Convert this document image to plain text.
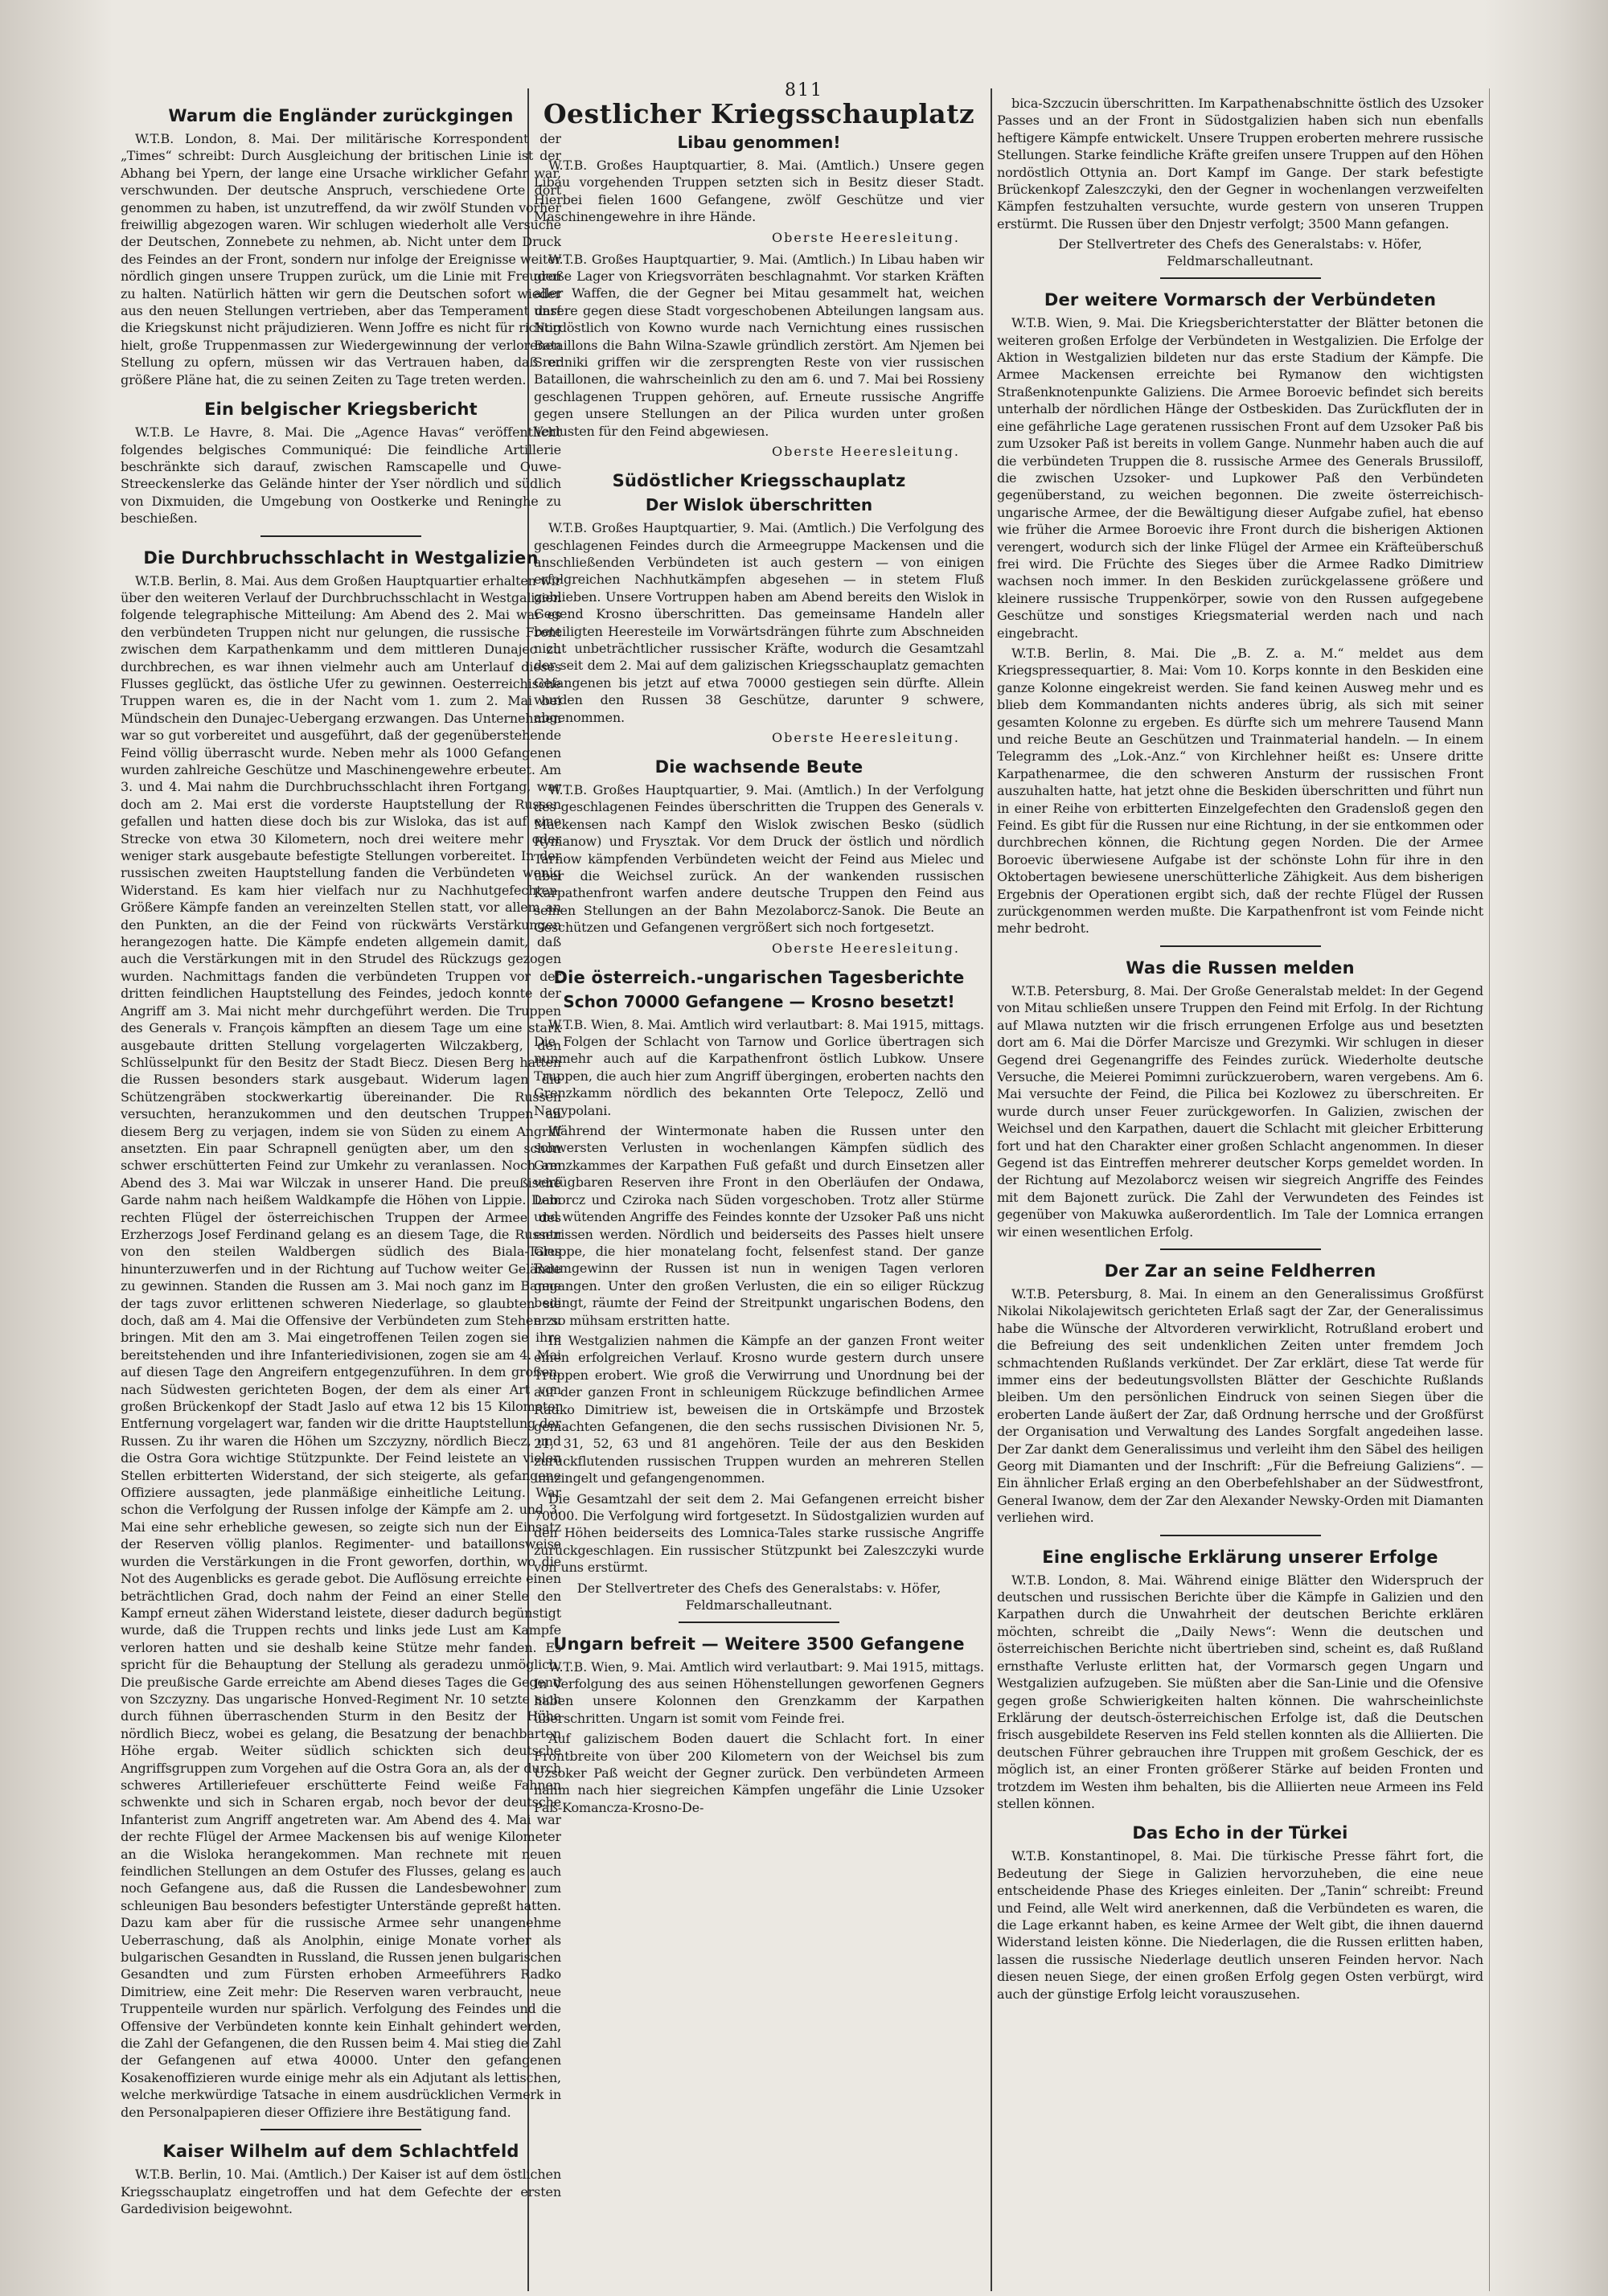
811
Warum die Engländer zurückgingen

W.T.B. London, 8. Mai. Der militärische Korrespondent der „Times“ schreibt: Durch Ausgleichung der britischen Linie ist der Abhang bei Ypern, der lange eine Ursache wirklicher Gefahr war, verschwunden. Der deutsche Anspruch, verschiedene Orte dort genommen zu haben, ist unzutreffend, da wir zwölf Stunden vorher freiwillig abgezogen waren. Wir schlugen wiederholt alle Versuche der Deutschen, Zonnebete zu nehmen, ab. Nicht unter dem Druck des Feindes an der Front, sondern nur infolge der Ereignisse weiter nördlich gingen unsere Truppen zurück, um die Linie mit Freuden zu halten. Natürlich hätten wir gern die Deutschen sofort wieder aus den neuen Stellungen vertrieben, aber das Temperament darf die Kriegskunst nicht präjudizieren. Wenn Joffre es nicht für richtig hielt, große Truppenmassen zur Wiedergewinnung der verlorenen Stellung zu opfern, müssen wir das Vertrauen haben, daß er größere Pläne hat, die zu seinen Zeiten zu Tage treten werden.

Ein belgischer Kriegsbericht

W.T.B. Le Havre, 8. Mai. Die „Agence Havas“ veröffentlicht folgendes belgisches Communiqué: Die feindliche Artillerie beschränkte sich darauf, zwischen Ramscapelle und Ouwe-Streeckenslerke das Gelände hinter der Yser nördlich und südlich von Dixmuiden, die Umgebung von Oostkerke und Reninghe zu beschießen.

Die Durchbruchsschlacht in Westgalizien

W.T.B. Berlin, 8. Mai. Aus dem Großen Hauptquartier erhalten wir über den weiteren Verlauf der Durchbruchsschlacht in Westgalizien folgende telegraphische Mitteilung: Am Abend des 2. Mai war es den verbündeten Truppen nicht nur gelungen, die russische Front zwischen dem Karpathenkamm und dem mittleren Dunajec zu durchbrechen, es war ihnen vielmehr auch am Unterlauf dieses Flusses geglückt, das östliche Ufer zu gewinnen. Oesterreichische Truppen waren es, die in der Nacht vom 1. zum 2. Mai bei Mündschein den Dunajec-Uebergang erzwangen. Das Unternehmen war so gut vorbereitet und ausgeführt, daß der gegenüberstehende Feind völlig überrascht wurde. Neben mehr als 1000 Gefangenen wurden zahlreiche Geschütze und Maschinengewehre erbeutet. Am 3. und 4. Mai nahm die Durchbruchsschlacht ihren Fortgang, war doch am 2. Mai erst die vorderste Hauptstellung der Russen gefallen und hatten diese doch bis zur Wisloka, das ist auf eine Strecke von etwa 30 Kilometern, noch drei weitere mehr oder weniger stark ausgebaute befestigte Stellungen vorbereitet. In der russischen zweiten Hauptstellung fanden die Verbündeten wenig Widerstand. Es kam hier vielfach nur zu Nachhutgefechten. Größere Kämpfe fanden an vereinzelten Stellen statt, vor allem an den Punkten, an die der Feind von rückwärts Verstärkungen herangezogen hatte. Die Kämpfe endeten allgemein damit, daß auch die Verstärkungen mit in den Strudel des Rückzugs gezogen wurden. Nachmittags fanden die verbündeten Truppen vor der dritten feindlichen Hauptstellung des Feindes, jedoch konnte der Angriff am 3. Mai nicht mehr durchgeführt werden. Die Truppen des Generals v. François kämpften an diesem Tage um eine stark ausgebaute dritten Stellung vorgelagerten Wilczakberg, den Schlüsselpunkt für den Besitz der Stadt Biecz. Diesen Berg hatten die Russen besonders stark ausgebaut. Widerum lagen die Schützengräben stockwerkartig übereinander. Die Russen versuchten, heranzukommen und den deutschen Truppen an diesem Berg zu verjagen, indem sie von Süden zu einem Angriff ansetzten. Ein paar Schrapnell genügten aber, um den schon schwer erschütterten Feind zur Umkehr zu veranlassen. Noch am Abend des 3. Mai war Wilczak in unserer Hand. Die preußische Garde nahm nach heißem Waldkampfe die Höhen von Lippie. Dem rechten Flügel der österreichischen Truppen der Armee des Erzherzogs Josef Ferdinand gelang es an diesem Tage, die Russen von den steilen Waldbergen südlich des Biala-Tales hinunterzuwerfen und in der Richtung auf Tuchow weiter Gelände zu gewinnen. Standen die Russen am 3. Mai noch ganz im Banne der tags zuvor erlittenen schweren Niederlage, so glaubten sie doch, daß am 4. Mai die Offensive der Verbündeten zum Stehen zu bringen. Mit den am 3. Mai eingetroffenen Teilen zogen sie ihre bereitstehenden und ihre Infanteriedivisionen, zogen sie am 4. Mai auf diesen Tage den Angreifern entgegenzuführen. In dem großen, nach Südwesten gerichteten Bogen, der dem als einer Art von großen Brückenkopf der Stadt Jaslo auf etwa 12 bis 15 Kilometer Entfernung vorgelagert war, fanden wir die dritte Hauptstellung der Russen. Zu ihr waren die Höhen um Szczyzny, nördlich Biecz, und die Ostra Gora wichtige Stützpunkte. Der Feind leistete an vielen Stellen erbitterten Widerstand, der sich steigerte, als gefangene Offiziere aussagten, jede planmäßige einheitliche Leitung. War schon die Verfolgung der Russen infolge der Kämpfe am 2. und 3. Mai eine sehr erhebliche gewesen, so zeigte sich nun der Einsatz der Reserven völlig planlos. Regimenter- und bataillonsweise wurden die Verstärkungen in die Front geworfen, dorthin, wo die Not des Augenblicks es gerade gebot. Die Auflösung erreichte einen beträchtlichen Grad, doch nahm der Feind an einer Stelle den Kampf erneut zähen Widerstand leistete, dieser dadurch begünstigt wurde, daß die Truppen rechts und links jede Lust am Kampfe verloren hatten und sie deshalb keine Stütze mehr fanden. Es spricht für die Behauptung der Stellung als geradezu unmöglich. Die preußische Garde erreichte am Abend dieses Tages die Gegend von Szczyzny. Das ungarische Honved-Regiment Nr. 10 setzte sich durch fühnen überraschenden Sturm in den Besitz der Höhe nördlich Biecz, wobei es gelang, die Besatzung der benachbarten Höhe ergab. Weiter südlich schickten sich deutsche Angriffsgruppen zum Vorgehen auf die Ostra Gora an, als der durch schweres Artilleriefeuer erschütterte Feind weiße Fahnen schwenkte und sich in Scharen ergab, noch bevor der deutsche Infanterist zum Angriff angetreten war. Am Abend des 4. Mai war der rechte Flügel der Armee Mackensen bis auf wenige Kilometer an die Wisloka herangekommen. Man rechnete mit neuen feindlichen Stellungen an dem Ostufer des Flusses, gelang es auch noch Gefangene aus, daß die Russen die Landesbewohner zum schleunigen Bau besonders befestigter Unterstände gepreßt hatten. Dazu kam aber für die russische Armee sehr unangenehme Ueberraschung, daß als Anolphin, einige Monate vorher als bulgarischen Gesandten in Russland, die Russen jenen bulgarischen Gesandten und zum Fürsten erhoben Armeeführers Radko Dimitriew, eine Zeit mehr: Die Reserven waren verbraucht, neue Truppenteile wurden nur spärlich. Verfolgung des Feindes und die Offensive der Verbündeten konnte kein Einhalt gehindert werden, die Zahl der Gefangenen, die den Russen beim 4. Mai stieg die Zahl der Gefangenen auf etwa 40000. Unter den gefangenen Kosakenoffizieren wurde einige mehr als ein Adjutant als lettischen, welche merkwürdige Tatsache in einem ausdrücklichen Vermerk in den Personalpapieren dieser Offiziere ihre Bestätigung fand.

Kaiser Wilhelm auf dem Schlachtfeld

W.T.B. Berlin, 10. Mai. (Amtlich.) Der Kaiser ist auf dem östlichen Kriegsschauplatz eingetroffen und hat dem Gefechte der ersten Gardedivision beigewohnt.

Oestlicher Kriegsschauplatz
Libau genommen!

W.T.B. Großes Hauptquartier, 8. Mai. (Amtlich.) Unsere gegen Libau vorgehenden Truppen setzten sich in Besitz dieser Stadt. Hierbei fielen 1600 Gefangene, zwölf Geschütze und vier Maschinengewehre in ihre Hände.

Oberste Heeresleitung.

W.T.B. Großes Hauptquartier, 9. Mai. (Amtlich.) In Libau haben wir große Lager von Kriegsvorräten beschlagnahmt. Vor starken Kräften aller Waffen, die der Gegner bei Mitau gesammelt hat, weichen unsere gegen diese Stadt vorgeschobenen Abteilungen langsam aus. Nordöstlich von Kowno wurde nach Vernichtung eines russischen Bataillons die Bahn Wilna-Szawle gründlich zerstört. Am Njemen bei Sredniki griffen wir die zersprengten Reste von vier russischen Bataillonen, die wahrscheinlich zu den am 6. und 7. Mai bei Rossieny geschlagenen Truppen gehören, auf. Erneute russische Angriffe gegen unsere Stellungen an der Pilica wurden unter großen Verlusten für den Feind abgewiesen.

Oberste Heeresleitung.

Südöstlicher Kriegsschauplatz
Der Wislok überschritten

W.T.B. Großes Hauptquartier, 9. Mai. (Amtlich.) Die Verfolgung des geschlagenen Feindes durch die Armeegruppe Mackensen und die anschließenden Verbündeten ist auch gestern — von einigen erfolgreichen Nachhutkämpfen abgesehen — in stetem Fluß geblieben. Unsere Vortruppen haben am Abend bereits den Wislok in Gegend Krosno überschritten. Das gemeinsame Handeln aller beteiligten Heeresteile im Vorwärtsdrängen führte zum Abschneiden nicht unbeträchtlicher russischer Kräfte, wodurch die Gesamtzahl der seit dem 2. Mai auf dem galizischen Kriegsschauplatz gemachten Gefangenen bis jetzt auf etwa 70000 gestiegen sein dürfte. Allein wurden den Russen 38 Geschütze, darunter 9 schwere, abgenommen.

Oberste Heeresleitung.

Die wachsende Beute

W.T.B. Großes Hauptquartier, 9. Mai. (Amtlich.) In der Verfolgung des geschlagenen Feindes überschritten die Truppen des Generals v. Mackensen nach Kampf den Wislok zwischen Besko (südlich Rymanow) und Frysztak. Vor dem Druck der östlich und nördlich Tarnow kämpfenden Verbündeten weicht der Feind aus Mielec und über die Weichsel zurück. An der wankenden russischen Karpathenfront warfen andere deutsche Truppen den Feind aus seinen Stellungen an der Bahn Mezolaborcz-Sanok. Die Beute an Geschützen und Gefangenen vergrößert sich noch fortgesetzt.

Oberste Heeresleitung.

Die österreich.-ungarischen Tagesberichte
Schon 70000 Gefangene — Krosno besetzt!

W.T.B. Wien, 8. Mai. Amtlich wird verlautbart: 8. Mai 1915, mittags. Die Folgen der Schlacht von Tarnow und Gorlice übertragen sich nunmehr auch auf die Karpathenfront östlich Lubkow. Unsere Truppen, die auch hier zum Angriff übergingen, eroberten nachts den Grenzkamm nördlich des bekannten Orte Telepocz, Zellö und Nagypolani.

Während der Wintermonate haben die Russen unter den schwersten Verlusten in wochenlangen Kämpfen südlich des Grenzkammes der Karpathen Fuß gefaßt und durch Einsetzen aller verfügbaren Reserven ihre Front in den Oberläufen der Ondawa, Laborcz und Cziroka nach Süden vorgeschoben. Trotz aller Stürme und wütenden Angriffe des Feindes konnte der Uzsoker Paß uns nicht entrissen werden. Nördlich und beiderseits des Passes hielt unsere Gruppe, die hier monatelang focht, felsenfest stand. Der ganze Raumgewinn der Russen ist nun in wenigen Tagen verloren gegangen. Unter den großen Verlusten, die ein so eiliger Rückzug bedingt, räumte der Feind der Streitpunkt ungarischen Bodens, den er so mühsam erstritten hatte.

In Westgalizien nahmen die Kämpfe an der ganzen Front weiter einen erfolgreichen Verlauf. Krosno wurde gestern durch unsere Truppen erobert. Wie groß die Verwirrung und Unordnung bei der auf der ganzen Front in schleunigem Rückzuge befindlichen Armee Radko Dimitriew ist, beweisen die in Ortskämpfe und Brzostek gemachten Gefangenen, die den sechs russischen Divisionen Nr. 5, 21, 31, 52, 63 und 81 angehören. Teile der aus den Beskiden zurückflutenden russischen Truppen wurden an mehreren Stellen umzingelt und gefangengenommen.

Die Gesamtzahl der seit dem 2. Mai Gefangenen erreicht bisher 70000. Die Verfolgung wird fortgesetzt. In Südostgalizien wurden auf den Höhen beiderseits des Lomnica-Tales starke russische Angriffe zurückgeschlagen. Ein russischer Stützpunkt bei Zaleszczyki wurde von uns erstürmt.

Der Stellvertreter des Chefs des Generalstabs: v. Höfer, Feldmarschalleutnant.

Ungarn befreit — Weitere 3500 Gefangene

W.T.B. Wien, 9. Mai. Amtlich wird verlautbart: 9. Mai 1915, mittags. In Verfolgung des aus seinen Höhenstellungen geworfenen Gegners haben unsere Kolonnen den Grenzkamm der Karpathen überschritten. Ungarn ist somit vom Feinde frei.

Auf galizischem Boden dauert die Schlacht fort. In einer Frontbreite von über 200 Kilometern von der Weichsel bis zum Uzsoker Paß weicht der Gegner zurück. Den verbündeten Armeen nahm nach hier siegreichen Kämpfen ungefähr die Linie Uzsoker Paß-Komancza-Krosno-De-

bica-Szczucin überschritten. Im Karpathenabschnitte östlich des Uzsoker Passes und an der Front in Südostgalizien haben sich nun ebenfalls heftigere Kämpfe entwickelt. Unsere Truppen eroberten mehrere russische Stellungen. Starke feindliche Kräfte greifen unsere Truppen auf den Höhen nordöstlich Ottynia an. Dort Kampf im Gange. Der stark befestigte Brückenkopf Zaleszczyki, den der Gegner in wochenlangen verzweifelten Kämpfen festzuhalten versuchte, wurde gestern von unseren Truppen erstürmt. Die Russen über den Dnjestr verfolgt; 3500 Mann gefangen.

Der Stellvertreter des Chefs des Generalstabs: v. Höfer, Feldmarschalleutnant.

Der weitere Vormarsch der Verbündeten

W.T.B. Wien, 9. Mai. Die Kriegsberichterstatter der Blätter betonen die weiteren großen Erfolge der Verbündeten in Westgalizien. Die Erfolge der Aktion in Westgalizien bildeten nur das erste Stadium der Kämpfe. Die Armee Mackensen erreichte bei Rymanow den wichtigsten Straßenknotenpunkte Galiziens. Die Armee Boroevic befindet sich bereits unterhalb der nördlichen Hänge der Ostbeskiden. Das Zurückfluten der in eine gefährliche Lage geratenen russischen Front auf dem Uzsoker Paß bis zum Uzsoker Paß ist bereits in vollem Gange. Nunmehr haben auch die auf die verbündeten Truppen die 8. russische Armee des Generals Brussiloff, die zwischen Uzsoker- und Lupkower Paß den Verbündeten gegenüberstand, zu weichen begonnen. Die zweite österreichisch-ungarische Armee, der die Bewältigung dieser Aufgabe zufiel, hat ebenso wie früher die Armee Boroevic ihre Front durch die bisherigen Aktionen verengert, wodurch sich der linke Flügel der Armee ein Kräfteüberschuß frei wird. Die Früchte des Sieges über die Armee Radko Dimitriew wachsen noch immer. In den Beskiden zurückgelassene größere und kleinere russische Truppenkörper, sowie von den Russen aufgegebene Geschütze und sonstiges Kriegsmaterial werden nach und nach eingebracht.

W.T.B. Berlin, 8. Mai. Die „B. Z. a. M.“ meldet aus dem Kriegspressequartier, 8. Mai: Vom 10. Korps konnte in den Beskiden eine ganze Kolonne eingekreist werden. Sie fand keinen Ausweg mehr und es blieb dem Kommandanten nichts anderes übrig, als sich mit seiner gesamten Kolonne zu ergeben. Es dürfte sich um mehrere Tausend Mann und reiche Beute an Geschützen und Trainmaterial handeln. — In einem Telegramm des „Lok.-Anz.“ von Kirchlehner heißt es: Unsere dritte Karpathenarmee, die den schweren Ansturm der russischen Front auszuhalten hatte, hat jetzt ohne die Beskiden überschritten und führt nun in einer Reihe von erbitterten Einzelgefechten den Gradensloß gegen den Feind. Es gibt für die Russen nur eine Richtung, in der sie entkommen oder durchbrechen können, die Richtung gegen Norden. Die der Armee Boroevic überwiesene Aufgabe ist der schönste Lohn für ihre in den Oktobertagen bewiesene unerschütterliche Zähigkeit. Aus dem bisherigen Ergebnis der Operationen ergibt sich, daß der rechte Flügel der Russen zurückgenommen werden mußte. Die Karpathenfront ist vom Feinde nicht mehr bedroht.

Was die Russen melden

W.T.B. Petersburg, 8. Mai. Der Große Generalstab meldet: In der Gegend von Mitau schließen unsere Truppen den Feind mit Erfolg. In der Richtung auf Mlawa nutzten wir die frisch errungenen Erfolge aus und besetzten dort am 6. Mai die Dörfer Marcisze und Grezymki. Wir schlugen in dieser Gegend drei Gegenangriffe des Feindes zurück. Wiederholte deutsche Versuche, die Meierei Pomimni zurückzuerobern, waren vergebens. Am 6. Mai versuchte der Feind, die Pilica bei Kozlowez zu überschreiten. Er wurde durch unser Feuer zurückgeworfen. In Galizien, zwischen der Weichsel und den Karpathen, dauert die Schlacht mit gleicher Erbitterung fort und hat den Charakter einer großen Schlacht angenommen. In dieser Gegend ist das Eintreffen mehrerer deutscher Korps gemeldet worden. In der Richtung auf Mezolaborcz weisen wir siegreich Angriffe des Feindes mit dem Bajonett zurück. Die Zahl der Verwundeten des Feindes ist gegenüber von Makuwka außerordentlich. Im Tale der Lomnica errangen wir einen wesentlichen Erfolg.

Der Zar an seine Feldherren

W.T.B. Petersburg, 8. Mai. In einem an den Generalissimus Großfürst Nikolai Nikolajewitsch gerichteten Erlaß sagt der Zar, der Generalissimus habe die Wünsche der Altvorderen verwirklicht, Rotrußland erobert und die Befreiung des seit undenklichen Zeiten unter fremdem Joch schmachtenden Rußlands verkündet. Der Zar erklärt, diese Tat werde für immer eins der bedeutungsvollsten Blätter der Geschichte Rußlands bleiben. Um den persönlichen Eindruck von seinen Siegen über die eroberten Lande äußert der Zar, daß Ordnung herrsche und der Großfürst der Organisation und Verwaltung des Landes Sorgfalt angedeihen lasse. Der Zar dankt dem Generalissimus und verleiht ihm den Säbel des heiligen Georg mit Diamanten und der Inschrift: „Für die Befreiung Galiziens“. — Ein ähnlicher Erlaß erging an den Oberbefehlshaber an der Südwestfront, General Iwanow, dem der Zar den Alexander Newsky-Orden mit Diamanten verliehen wird.

Eine englische Erklärung unserer Erfolge

W.T.B. London, 8. Mai. Während einige Blätter den Widerspruch der deutschen und russischen Berichte über die Kämpfe in Galizien und den Karpathen durch die Unwahrheit der deutschen Berichte erklären möchten, schreibt die „Daily News“: Wenn die deutschen und österreichischen Berichte nicht übertrieben sind, scheint es, daß Rußland ernsthafte Verluste erlitten hat, der Vormarsch gegen Ungarn und Westgalizien aufzugeben. Sie müßten aber die San-Linie und die Ofensive gegen große Schwierigkeiten halten können. Die wahrscheinlichste Erklärung der deutsch-österreichischen Erfolge ist, daß die Deutschen frisch ausgebildete Reserven ins Feld stellen konnten als die Alliierten. Die deutschen Führer gebrauchen ihre Truppen mit großem Geschick, der es möglich ist, an einer Fronten größerer Stärke auf beiden Fronten und trotzdem im Westen ihm behalten, bis die Alliierten neue Armeen ins Feld stellen können.

Das Echo in der Türkei

W.T.B. Konstantinopel, 8. Mai. Die türkische Presse fährt fort, die Bedeutung der Siege in Galizien hervorzuheben, die eine neue entscheidende Phase des Krieges einleiten. Der „Tanin“ schreibt: Freund und Feind, alle Welt wird anerkennen, daß die Verbündeten es waren, die die Lage erkannt haben, es keine Armee der Welt gibt, die ihnen dauernd Widerstand leisten könne. Die Niederlagen, die die Russen erlitten haben, lassen die russische Niederlage deutlich unseren Feinden hervor. Nach diesen neuen Siege, der einen großen Erfolg gegen Osten verbürgt, wird auch der günstige Erfolg leicht vorauszusehen.
